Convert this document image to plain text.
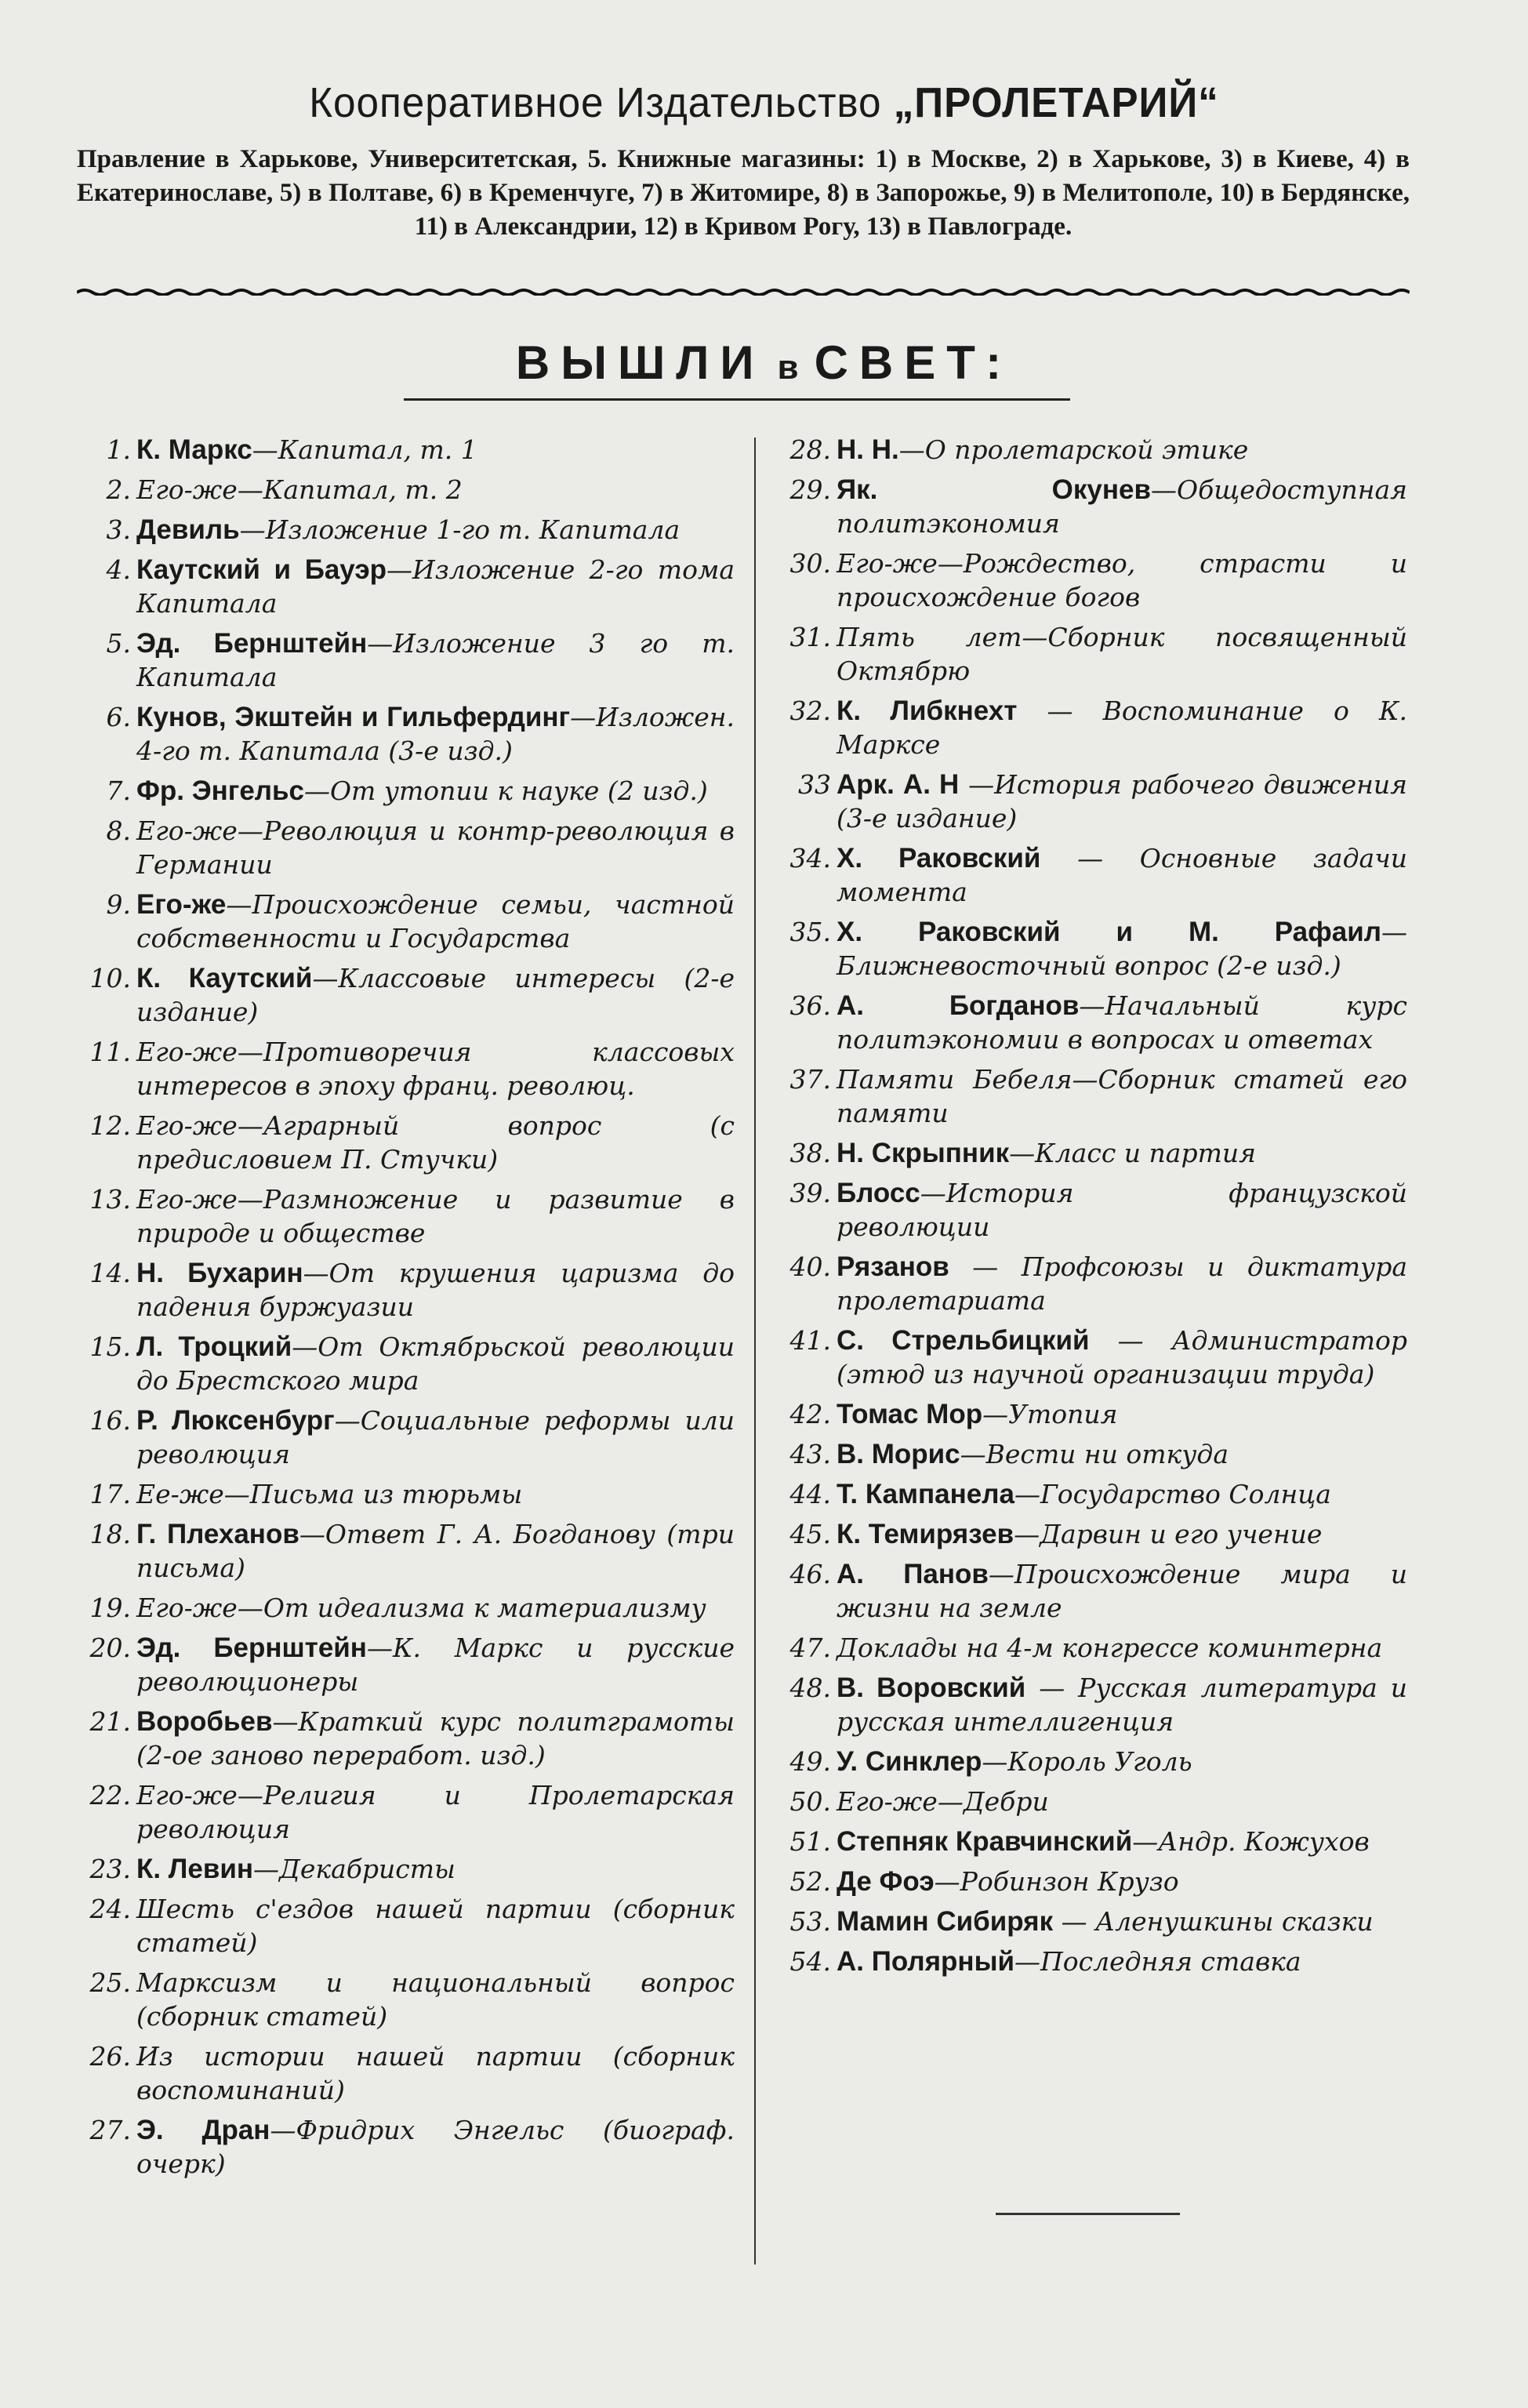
Кооперативное Издательство „ПРОЛЕТАРИЙ“
Правление в Харькове, Университетская, 5. Книжные магазины: 1) в Москве, 2) в Харькове, 3) в Киеве, 4) в Екатеринославе, 5) в Полтаве, 6) в Кременчуге, 7) в Житомире, 8) в Запорожье, 9) в Мелитополе, 10) в Бердянске, 11) в Александрии, 12) в Кривом Рогу, 13) в Павлограде.
ВЫШЛИ в СВЕТ:
1. К. Маркс—Капитал, т. 1
2. Его-же—Капитал, т. 2
3. Девиль—Изложение 1-го т. Капитала
4. Каутский и Бауэр—Изложение 2-го тома Капитала
5. Эд. Бернштейн—Изложение 3 го т. Капитала
6. Кунов, Экштейн и Гильфердинг—Изложен. 4-го т. Капитала (3-е изд.)
7. Фр. Энгельс—От утопии к науке (2 изд.)
8. Его-же—Революция и контр-революция в Германии
9. Его-же—Происхождение семьи, частной собственности и Государства
10. К. Каутский—Классовые интересы (2-е издание)
11. Его-же—Противоречия классовых интересов в эпоху франц. революц.
12. Его-же—Аграрный вопрос (с предисловием П. Стучки)
13. Его-же—Размножение и развитие в природе и обществе
14. Н. Бухарин—От крушения царизма до падения буржуазии
15. Л. Троцкий—От Октябрьской революции до Брестского мира
16. Р. Люксенбург—Социальные реформы или революция
17. Ее-же—Письма из тюрьмы
18. Г. Плеханов—Ответ Г. А. Богданову (три письма)
19. Его-же—От идеализма к материализму
20. Эд. Бернштейн—К. Маркс и русские революционеры
21. Воробьев—Краткий курс политграмоты (2-ое заново переработ. изд.)
22. Его-же—Религия и Пролетарская революция
23. К. Левин—Декабристы
24. Шесть с'ездов нашей партии (сборник статей)
25. Марксизм и национальный вопрос (сборник статей)
26. Из истории нашей партии (сборник воспоминаний)
27. Э. Дран—Фридрих Энгельс (биограф. очерк)
28. Н. Н.—О пролетарской этике
29. Як. Окунев—Общедоступная политэкономия
30. Его-же—Рождество, страсти и происхождение богов
31. Пять лет—Сборник посвященный Октябрю
32. К. Либкнехт — Воспоминание о К. Марксе
33 Арк. А. Н —История рабочего движения (3-е издание)
34. Х. Раковский — Основные задачи момента
35. Х. Раковский и М. Рафаил—Ближневосточный вопрос (2-е изд.)
36. А. Богданов—Начальный курс политэкономии в вопросах и ответах
37. Памяти Бебеля—Сборник статей его памяти
38. Н. Скрыпник—Класс и партия
39. Блосс—История французской революции
40. Рязанов — Профсоюзы и диктатура пролетариата
41. С. Стрельбицкий — Администратор (этюд из научной организации труда)
42. Томас Мор—Утопия
43. В. Морис—Вести ни откуда
44. Т. Кампанела—Государство Солнца
45. К. Темирязев—Дарвин и его учение
46. А. Панов—Происхождение мира и жизни на земле
47. Доклады на 4-м конгрессе коминтерна
48. В. Воровский — Русская литература и русская интеллигенция
49. У. Синклер—Король Уголь
50. Его-же—Дебри
51. Степняк Кравчинский—Андр. Кожухов
52. Де Фоэ—Робинзон Крузо
53. Мамин Сибиряк — Аленушкины сказки
54. А. Полярный—Последняя ставка
